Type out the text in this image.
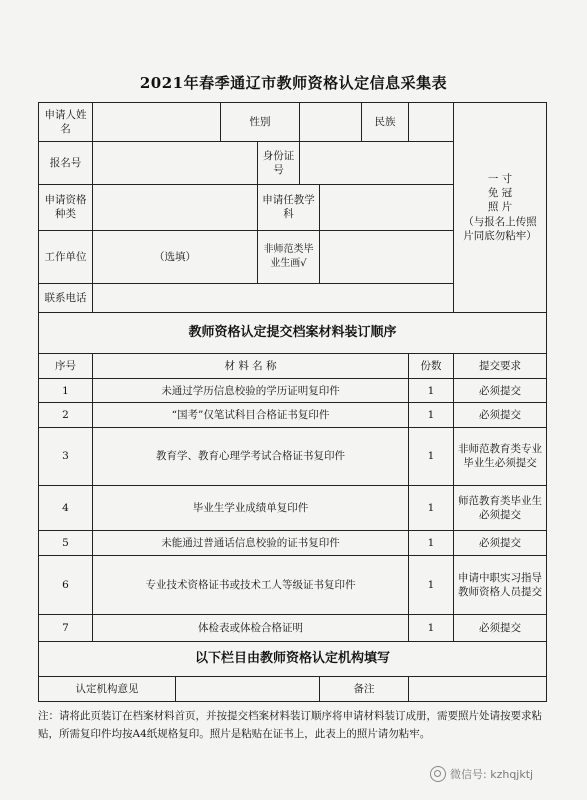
2021年春季通辽市教师资格认定信息采集表
申请人姓名			性别				民族		一 寸
免 冠
照 片
（与报名上传照
片同底勿粘牢）

报名号				身份证号					
申请资格种类				申请任教学科					
工作单位	（选填）			非师范类毕业生画√					
联系电话									
教师资格认定提交档案材料装订顺序									
序号	材 料 名 称							份数	提交要求
1	未通过学历信息校验的学历证明复印件							1	必须提交
2	“国考”仅笔试科目合格证书复印件							1	必须提交
3	教育学、教育心理学考试合格证书复印件							1	非师范教育类专业毕业生必须提交
4	毕业生学业成绩单复印件							1	师范教育类毕业生必须提交
5	未能通过普通话信息校验的证书复印件							1	必须提交
6	专业技术资格证书或技术工人等级证书复印件							1	申请中职实习指导教师资格人员提交
7	体检表或体检合格证明							1	必须提交
以下栏目由教师资格认定机构填写									
认定机构意见						备注			
注：请将此页装订在档案材料首页，并按提交档案材料装订顺序将申请材料装订成册，需要照片处请按要求粘贴，所需复印件均按A4纸规格复印。照片是粘贴在证书上，此表上的照片请勿粘牢。
微信号: kzhqjktj
